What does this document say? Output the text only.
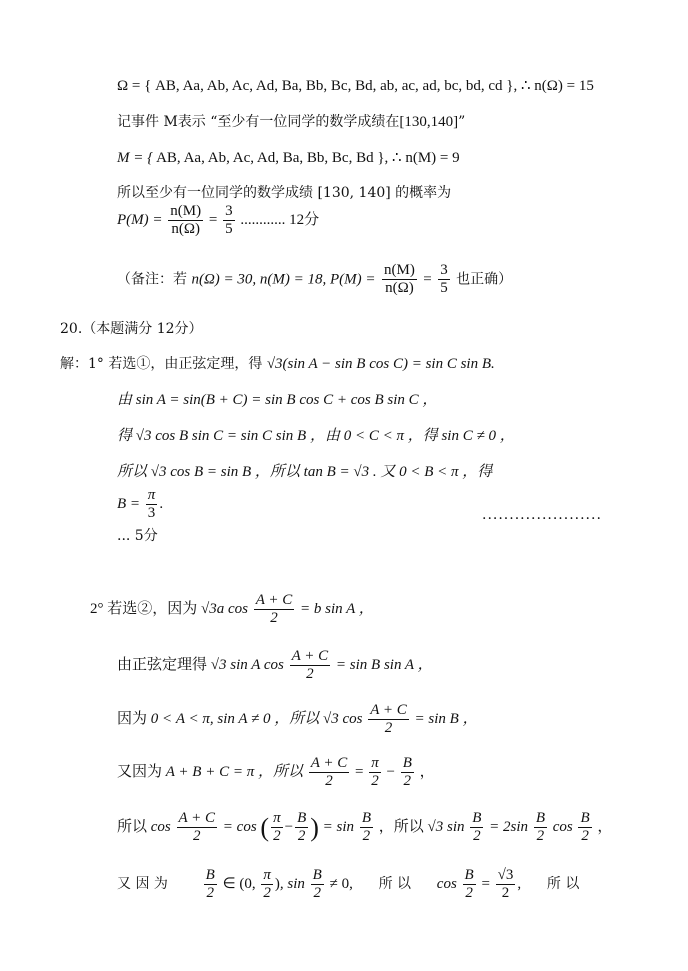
Ω = { AB, Aa, Ab, Ac, Ad, Ba, Bb, Bc, Bd, ab, ac, ad, bc, bd, cd }, ∴ n(Ω) = 15
记事件 M表示 “至少有一位同学的数学成绩在[130,140]”
M = { AB, Aa, Ab, Ac, Ad, Ba, Bb, Bc, Bd }, ∴ n(M) = 9
所以至少有一位同学的数学成绩 [130, 140] 的概率为
$P(M) = \frac{n(M)}{n(\Omega)} = \frac{3}{5}$ ............ 12分
（备注：若 n(Ω) = 30, n(M) = 18, $P(M) = \frac{n(M)}{n(\Omega)} = \frac{3}{5}$ 也正确）
20.（本题满分 12分）
解：1° 若选①，由正弦定理，得 √3(sin A − sin B cos C) = sin C sin B.
由 sin A = sin(B + C) = sin B cos C + cos B sin C ，
得 √3 cos B sin C = sin C sin B ，由 0 < C < π ，得 sin C ≠ 0 ，
所以 √3 cos B = sin B ，所以 tan B = √3 . 又 0 < B < π ，得
$B = \frac{\pi}{3}$ .
......................
... 5分
2° 若选②，因为 √3a $\cos \frac{A + C}{2} = b$ sin A ，
由正弦定理得 √3 sin A $\cos \frac{A + C}{2} = \sin B$ sin A ，
因为 0 < A < π, sin A ≠ 0 ，所以 √3 $\cos \frac{A + C}{2} = \sin B$ ，
又因为 A + B + C = π ，所以 $\frac{A + C}{2} = \frac{\pi}{2} - \frac{B}{2}$ ，
所以 $\cos \frac{A + C}{2} = \cos$ ( $\frac{\pi}{2} - \frac{B}{2}$ ) = $\sin \frac{B}{2}$ ，所以 √3 $\sin \frac{B}{2} = 2\sin \frac{B}{2}$ $\cos \frac{B}{2}$ ，
又 因 为 $\frac{B}{2}$ ∈ (0, $\frac{\pi}{2}$ ), $\sin \frac{B}{2} \ne 0$, 所 以 $\cos \frac{B}{2} = \frac{√3}{2}$ , 所 以
